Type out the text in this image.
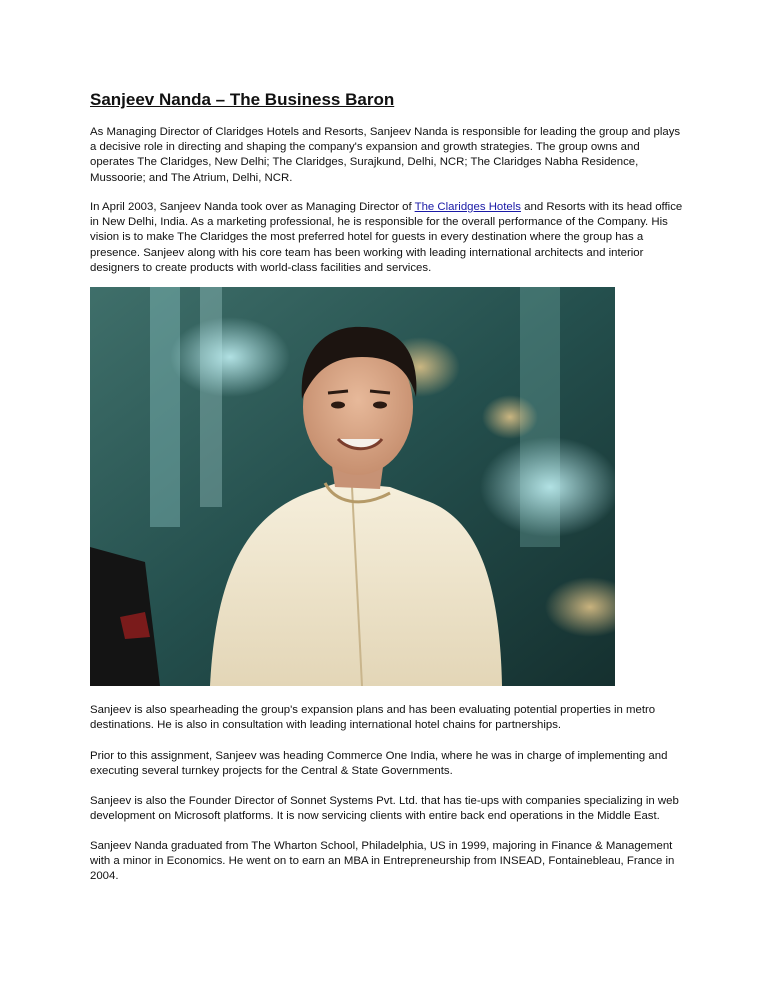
Sanjeev Nanda – The Business Baron

As Managing Director of Claridges Hotels and Resorts, Sanjeev Nanda is responsible for leading the group and plays a decisive role in directing and shaping the company's expansion and growth strategies. The group owns and operates The Claridges, New Delhi; The Claridges, Surajkund, Delhi, NCR; The Claridges Nabha Residence, Mussoorie; and The Atrium, Delhi, NCR.

In April 2003, Sanjeev Nanda took over as Managing Director of The Claridges Hotels and Resorts with its head office in New Delhi, India. As a marketing professional, he is responsible for the overall performance of the Company. His vision is to make The Claridges the most preferred hotel for guests in every destination where the group has a presence. Sanjeev along with his core team has been working with leading international architects and interior designers to create products with world-class facilities and services.

Sanjeev is also spearheading the group's expansion plans and has been evaluating potential properties in metro destinations. He is also in consultation with leading international hotel chains for partnerships.

Prior to this assignment, Sanjeev was heading Commerce One India, where he was in charge of implementing and executing several turnkey projects for the Central & State Governments.

Sanjeev is also the Founder Director of Sonnet Systems Pvt. Ltd. that has tie-ups with companies specializing in web development on Microsoft platforms. It is now servicing clients with entire back end operations in the Middle East.

Sanjeev Nanda graduated from The Wharton School, Philadelphia, US in 1999, majoring in Finance & Management with a minor in Economics. He went on to earn an MBA in Entrepreneurship from INSEAD, Fontainebleau, France in 2004.
